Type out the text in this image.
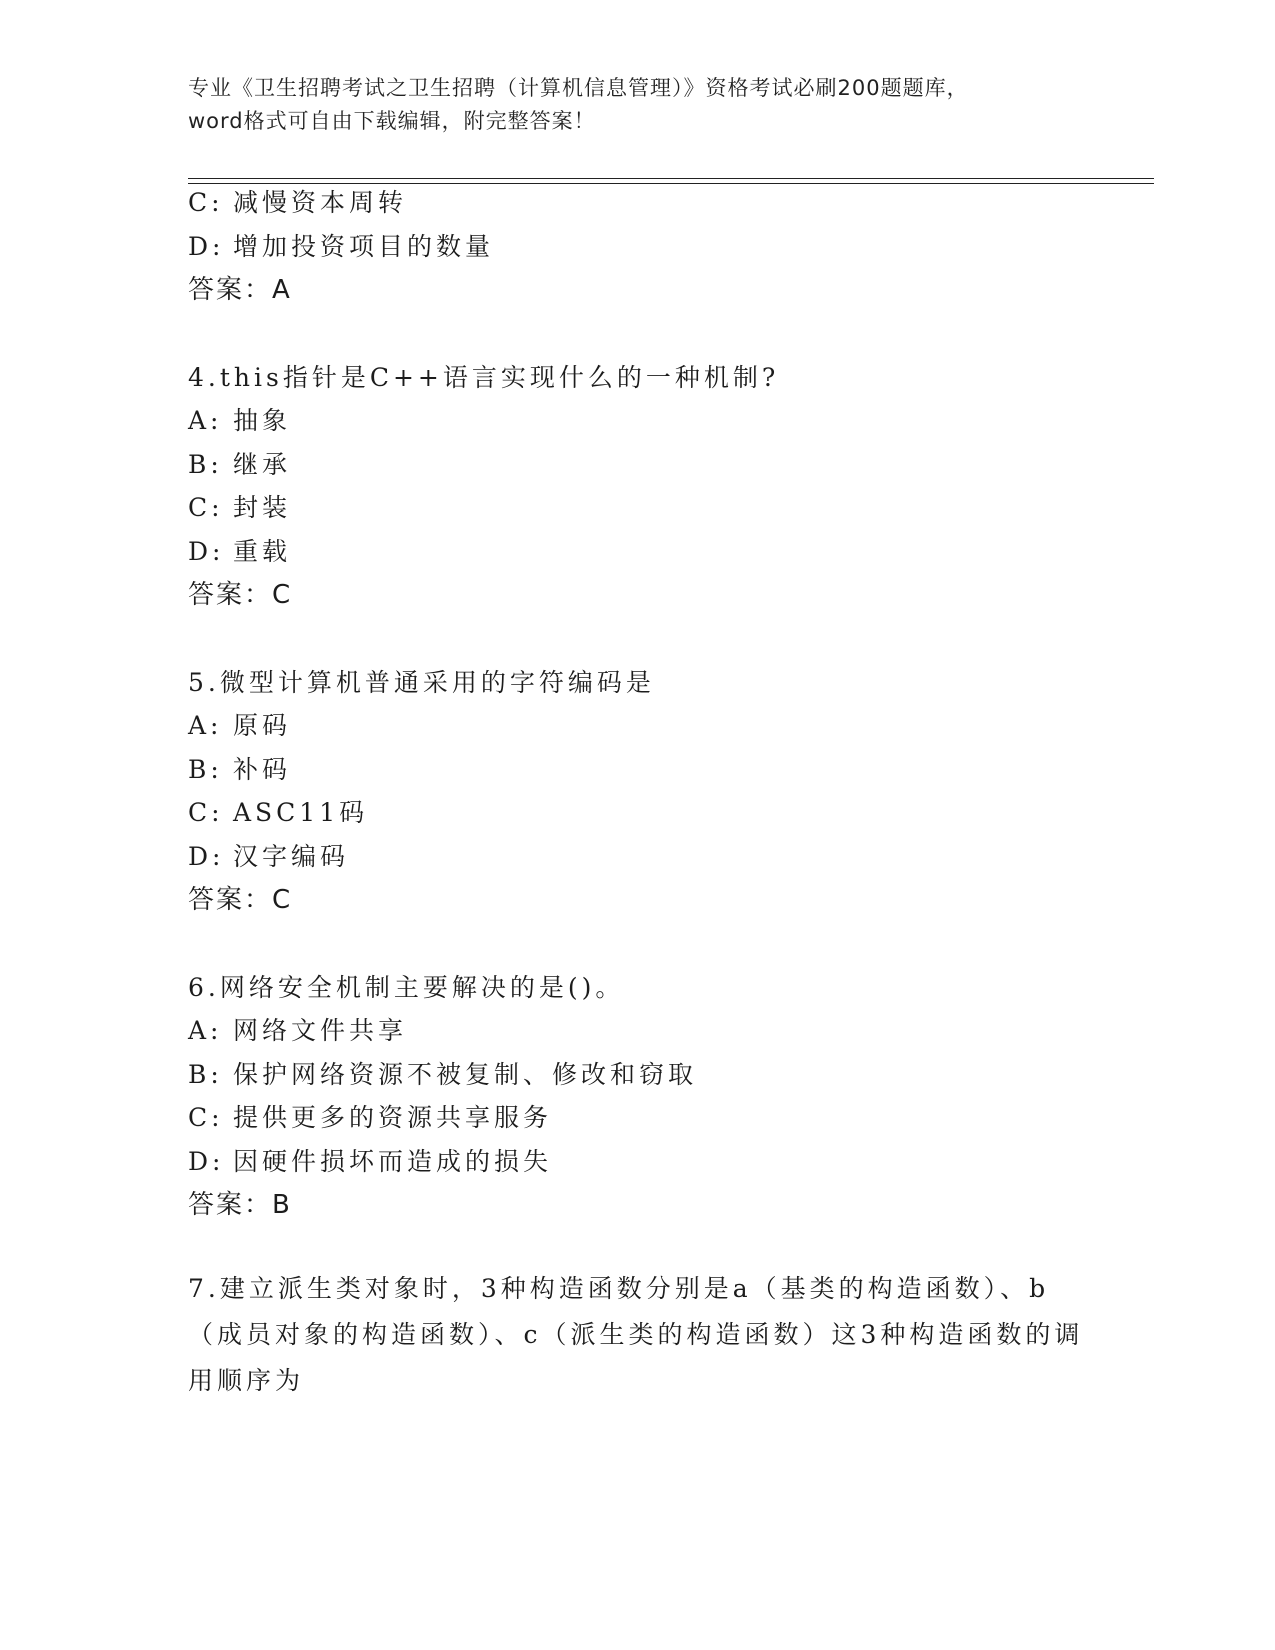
专业《卫生招聘考试之卫生招聘（计算机信息管理）》资格考试必刷200题题库，
word格式可自由下载编辑，附完整答案！
C: 减慢资本周转
D: 增加投资项目的数量
答案：A
4.this指针是C++语言实现什么的一种机制?
A: 抽象
B: 继承
C: 封装
D: 重载
答案：C
5.微型计算机普通采用的字符编码是
A: 原码
B: 补码
C: ASC11码
D: 汉字编码
答案：C
6.网络安全机制主要解决的是()。
A: 网络文件共享
B: 保护网络资源不被复制、修改和窃取
C: 提供更多的资源共享服务
D: 因硬件损坏而造成的损失
答案：B
7.建立派生类对象时，3种构造函数分别是a（基类的构造函数）、b（成员对象的构造函数）、c（派生类的构造函数）这3种构造函数的调用顺序为
